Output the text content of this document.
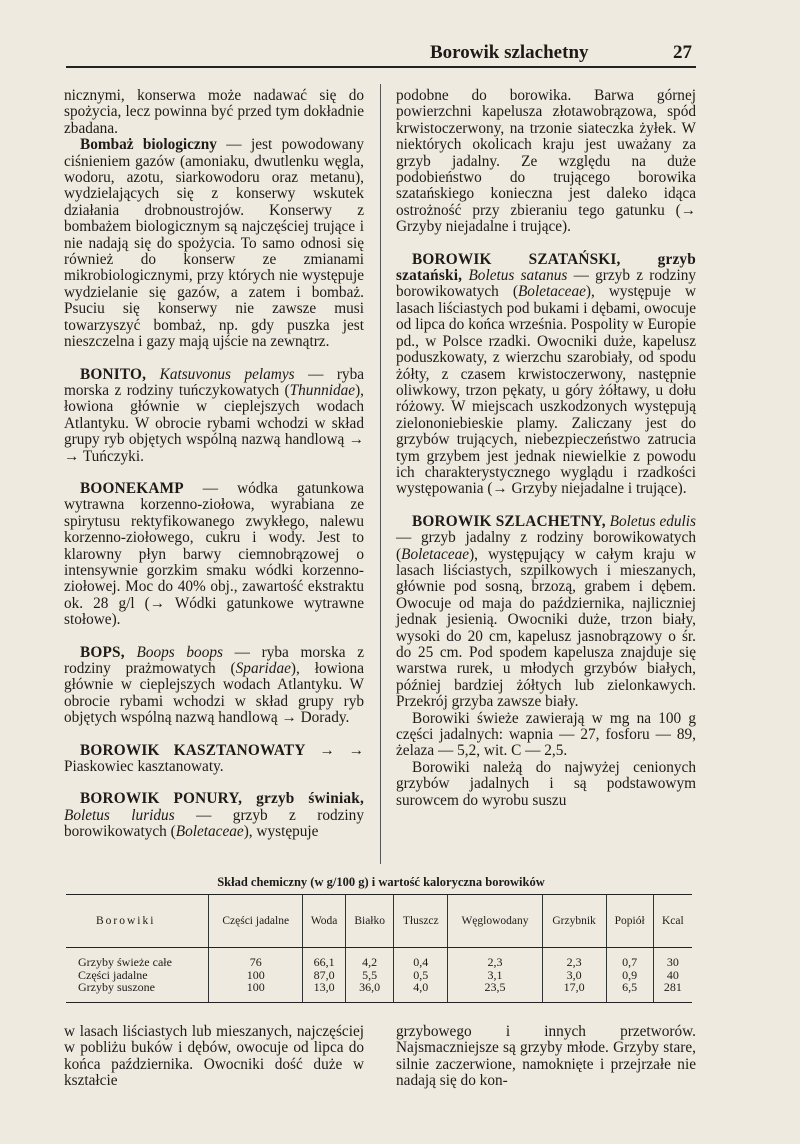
Borowik szlachetny	27

nicznymi, konserwa może nadawać się do spożycia, lecz powinna być przed tym dokładnie zbadana.

Bombaż biologiczny — jest powodowany ciśnieniem gazów (amoniaku, dwutlenku węgla, wodoru, azotu, siarkowodoru oraz metanu), wydzielających się z konserwy wskutek działania drobnoustrojów. Konserwy z bombażem biologicznym są najczęściej trujące i nie nadają się do spożycia. To samo odnosi się również do konserw ze zmianami mikrobiologicznymi, przy których nie występuje wydzielanie się gazów, a zatem i bombaż. Psuciu się konserwy nie zawsze musi towarzyszyć bombaż, np. gdy puszka jest nieszczelna i gazy mają ujście na zewnątrz.

BONITO, Katsuvonus pelamys — ryba morska z rodziny tuńczykowatych (Thunnidae), łowiona głównie w cieplejszych wodach Atlantyku. W obrocie rybami wchodzi w skład grupy ryb objętych wspólną nazwą handlową → → Tuńczyki.

BOONEKAMP — wódka gatunkowa wytrawna korzenno-ziołowa, wyrabiana ze spirytusu rektyfikowanego zwykłego, nalewu korzenno-ziołowego, cukru i wody. Jest to klarowny płyn barwy ciemnobrązowej o intensywnie gorzkim smaku wódki korzenno-ziołowej. Moc do 40% obj., zawartość ekstraktu ok. 28 g/l (→ Wódki gatunkowe wytrawne stołowe).

BOPS, Boops boops — ryba morska z rodziny prażmowatych (Sparidae), łowiona głównie w cieplejszych wodach Atlantyku. W obrocie rybami wchodzi w skład grupy ryb objętych wspólną nazwą handlową → Dorady.

BOROWIK KASZTANOWATY → → Piaskowiec kasztanowaty.

BOROWIK PONURY, grzyb świniak, Boletus luridus — grzyb z rodziny borowikowatych (Boletaceae), występuje

podobne do borowika. Barwa górnej powierzchni kapelusza złotawobrązowa, spód krwistoczerwony, na trzonie siateczka żyłek. W niektórych okolicach kraju jest uważany za grzyb jadalny. Ze względu na duże podobieństwo do trującego borowika szatańskiego konieczna jest daleko idąca ostrożność przy zbieraniu tego gatunku (→ Grzyby niejadalne i trujące).

BOROWIK SZATAŃSKI, grzyb szatański, Boletus satanus — grzyb z rodziny borowikowatych (Boletaceae), występuje w lasach liściastych pod bukami i dębami, owocuje od lipca do końca września. Pospolity w Europie pd., w Polsce rzadki. Owocniki duże, kapelusz poduszkowaty, z wierzchu szarobiały, od spodu żółty, z czasem krwistoczerwony, następnie oliwkowy, trzon pękaty, u góry żółtawy, u dołu różowy. W miejscach uszkodzonych występują zielononiebieskie plamy. Zaliczany jest do grzybów trujących, niebezpieczeństwo zatrucia tym grzybem jest jednak niewielkie z powodu ich charakterystycznego wyglądu i rzadkości występowania (→ Grzyby niejadalne i trujące).

BOROWIK SZLACHETNY, Boletus edulis — grzyb jadalny z rodziny borowikowatych (Boletaceae), występujący w całym kraju w lasach liściastych, szpilkowych i mieszanych, głównie pod sosną, brzozą, grabem i dębem. Owocuje od maja do października, najliczniej jednak jesienią. Owocniki duże, trzon biały, wysoki do 20 cm, kapelusz jasnobrązowy o śr. do 25 cm. Pod spodem kapelusza znajduje się warstwa rurek, u młodych grzybów białych, później bardziej żółtych lub zielonkawych. Przekrój grzyba zawsze biały.

Borowiki świeże zawierają w mg na 100 g części jadalnych: wapnia — 27, fosforu — 89, żelaza — 5,2, wit. C — 2,5.

Borowiki należą do najwyżej cenionych grzybów jadalnych i są podstawowym surowcem do wyrobu suszu

Skład chemiczny (w g/100 g) i wartość kaloryczna borowików
Borowiki	Części jadalne	Woda	Białko	Tłuszcz	Węglowodany	Grzybnik	Popiół	Kcal
Grzyby świeże całe	76	66,1	4,2	0,4	2,3	2,3	0,7	30
Części jadalne	100	87,0	5,5	0,5	3,1	3,0	0,9	40
Grzyby suszone	100	13,0	36,0	4,0	23,5	17,0	6,5	281

w lasach liściastych lub mieszanych, najczęściej w pobliżu buków i dębów, owocuje od lipca do końca października. Owocniki dość duże w kształcie

grzybowego i innych przetworów. Najsmaczniejsze są grzyby młode. Grzyby stare, silnie zaczerwione, namoknięte i przejrzałe nie nadają się do kon-
